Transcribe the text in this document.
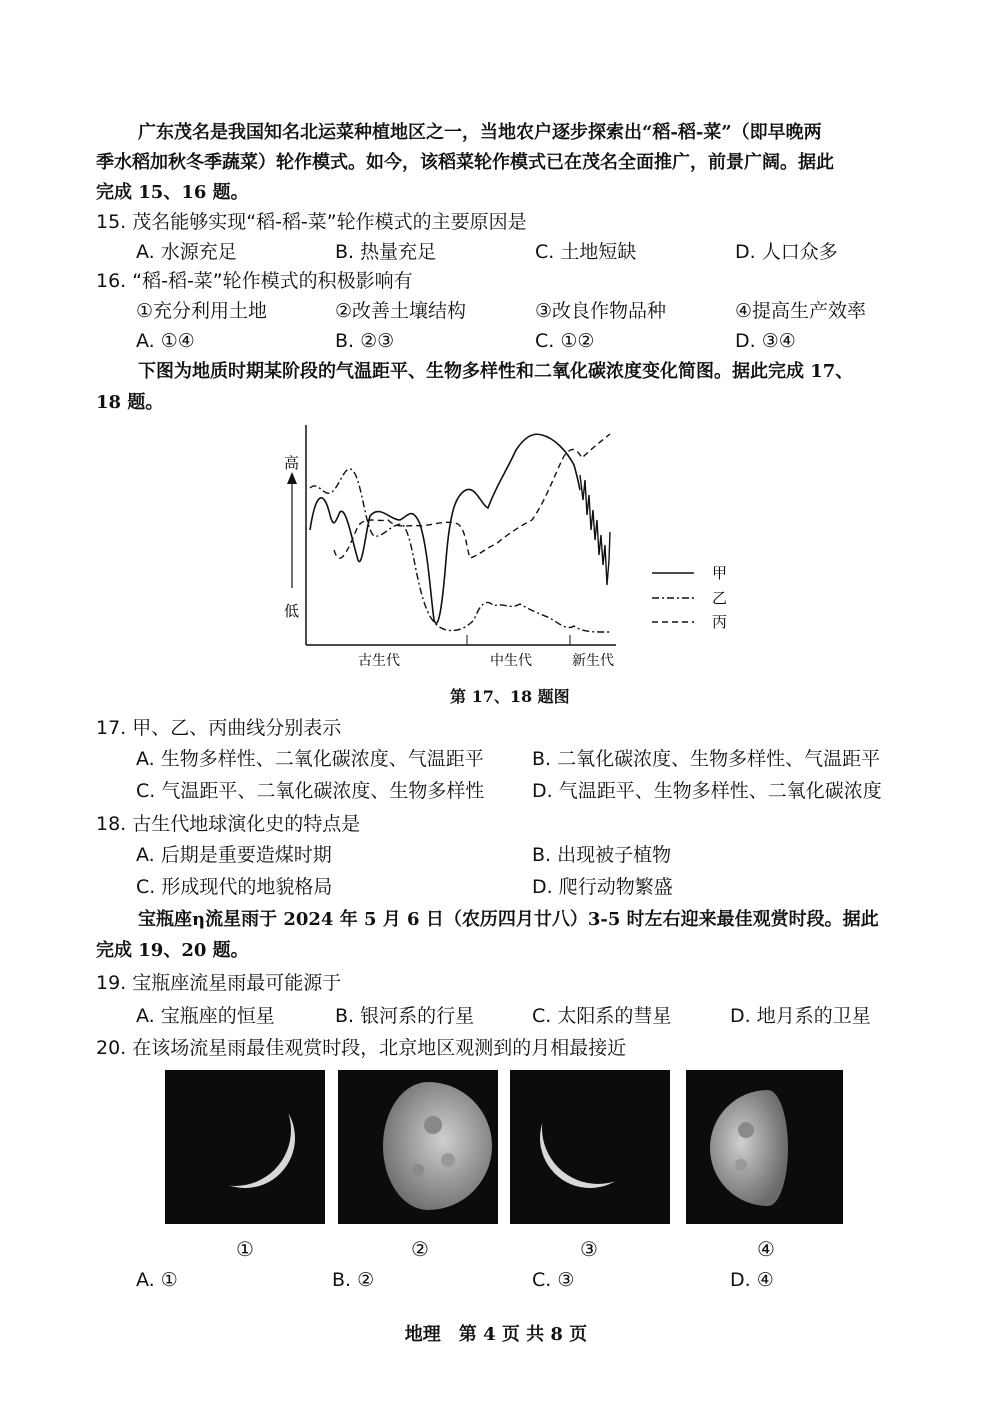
广东茂名是我国知名北运菜种植地区之一，当地农户逐步探索出“稻-稻-菜”（即早晚两
季水稻加秋冬季蔬菜）轮作模式。如今，该稻菜轮作模式已在茂名全面推广，前景广阔。据此
完成 15、16 题。
15. 茂名能够实现“稻-稻-菜”轮作模式的主要原因是
A. 水源充足	B. 热量充足	C. 土地短缺	D. 人口众多
16. “稻-稻-菜”轮作模式的积极影响有
①充分利用土地	②改善土壤结构	③改良作物品种	④提高生产效率
A. ①④	B. ②③	C. ①②	D. ③④
下图为地质时期某阶段的气温距平、生物多样性和二氧化碳浓度变化简图。据此完成 17、
18 题。
高
低
古生代	中生代	新生代
甲
乙
丙
第 17、18 题图
17. 甲、乙、丙曲线分别表示
A. 生物多样性、二氧化碳浓度、气温距平	B. 二氧化碳浓度、生物多样性、气温距平
C. 气温距平、二氧化碳浓度、生物多样性	D. 气温距平、生物多样性、二氧化碳浓度
18. 古生代地球演化史的特点是
A. 后期是重要造煤时期	B. 出现被子植物
C. 形成现代的地貌格局	D. 爬行动物繁盛
宝瓶座η流星雨于 2024 年 5 月 6 日（农历四月廿八）3-5 时左右迎来最佳观赏时段。据此
完成 19、20 题。
19. 宝瓶座流星雨最可能源于
A. 宝瓶座的恒星	B. 银河系的行星	C. 太阳系的彗星	D. 地月系的卫星
20. 在该场流星雨最佳观赏时段，北京地区观测到的月相最接近
①	②	③	④
A. ①	B. ②	C. ③	D. ④
地理　第 4 页 共 8 页
